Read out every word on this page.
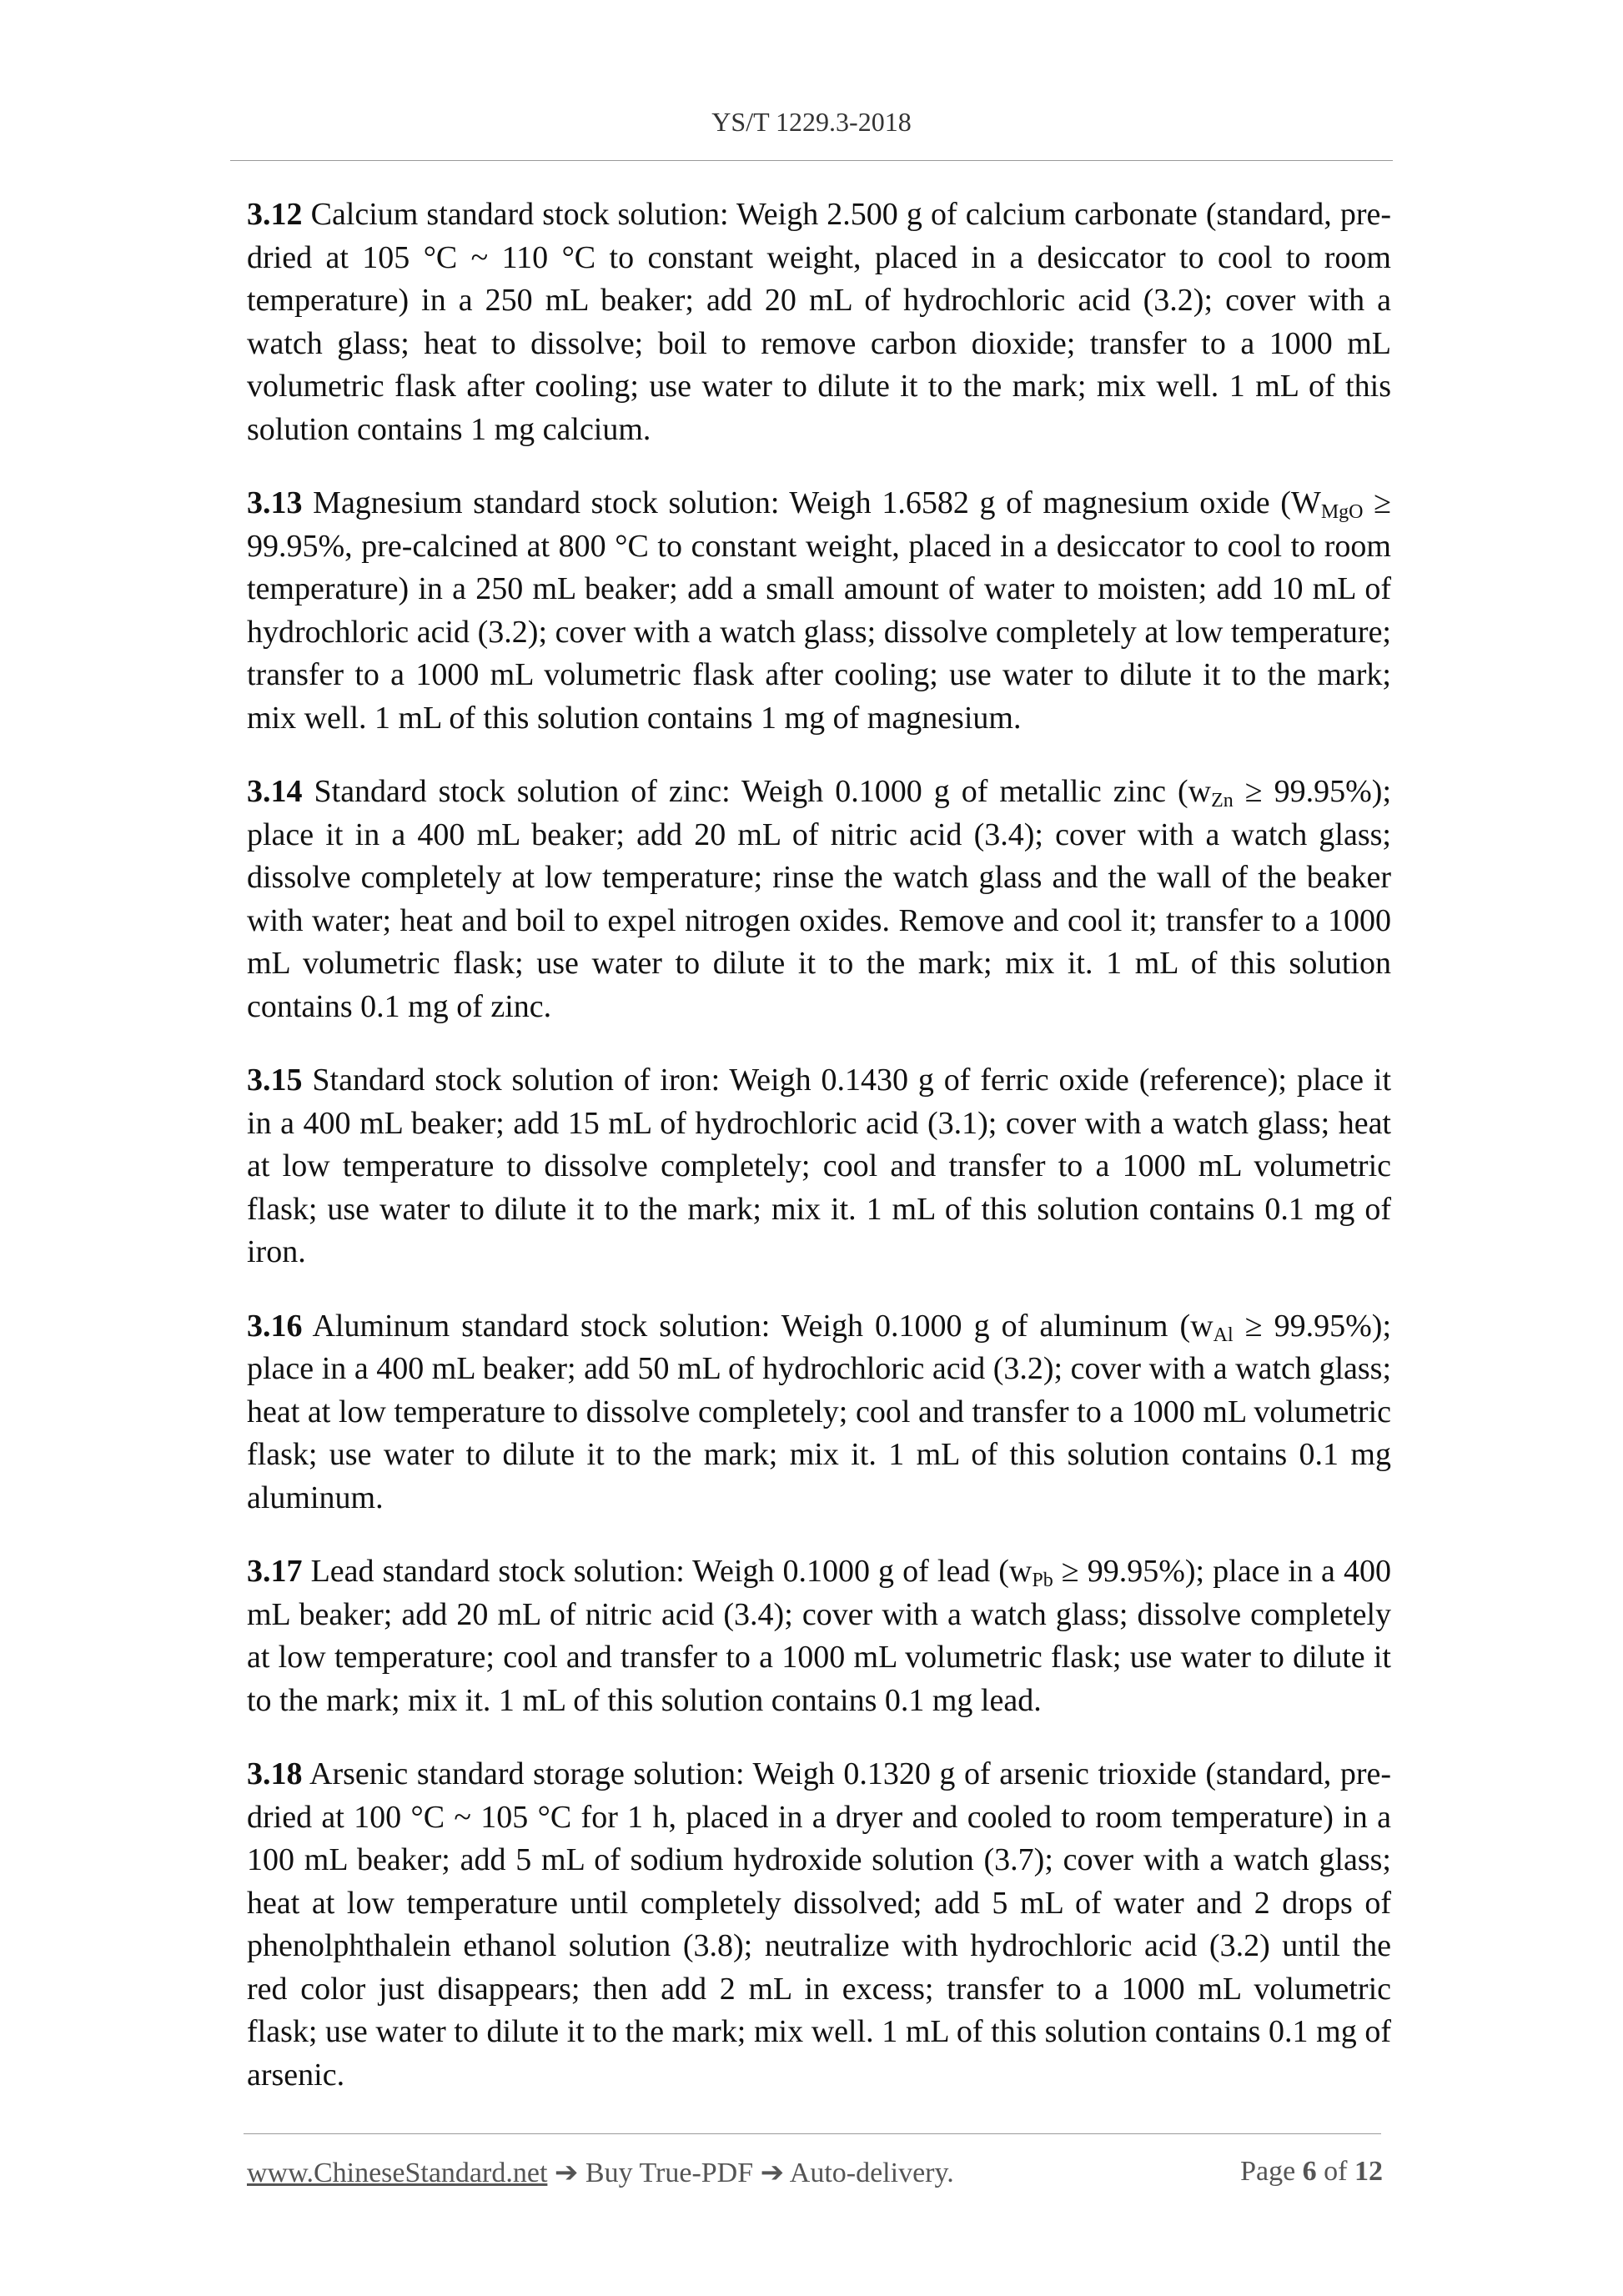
YS/T 1229.3-2018

3.12 Calcium standard stock solution: Weigh 2.500 g of calcium carbonate (standard, pre-dried at 105 °C ~ 110 °C to constant weight, placed in a desiccator to cool to room temperature) in a 250 mL beaker; add 20 mL of hydrochloric acid (3.2); cover with a watch glass; heat to dissolve; boil to remove carbon dioxide; transfer to a 1000 mL volumetric flask after cooling; use water to dilute it to the mark; mix well. 1 mL of this solution contains 1 mg calcium.

3.13 Magnesium standard stock solution: Weigh 1.6582 g of magnesium oxide ($W_{MgO} \ge 99.95\%$, pre-calcined at 800 °C to constant weight, placed in a desiccator to cool to room temperature) in a 250 mL beaker; add a small amount of water to moisten; add 10 mL of hydrochloric acid (3.2); cover with a watch glass; dissolve completely at low temperature; transfer to a 1000 mL volumetric flask after cooling; use water to dilute it to the mark; mix well. 1 mL of this solution contains 1 mg of magnesium.

3.14 Standard stock solution of zinc: Weigh 0.1000 g of metallic zinc $(w_{Zn} \ge 99.95\%)$; place it in a 400 mL beaker; add 20 mL of nitric acid (3.4); cover with a watch glass; dissolve completely at low temperature; rinse the watch glass and the wall of the beaker with water; heat and boil to expel nitrogen oxides. Remove and cool it; transfer to a 1000 mL volumetric flask; use water to dilute it to the mark; mix it. 1 mL of this solution contains 0.1 mg of zinc.

3.15 Standard stock solution of iron: Weigh 0.1430 g of ferric oxide (reference); place it in a 400 mL beaker; add 15 mL of hydrochloric acid (3.1); cover with a watch glass; heat at low temperature to dissolve completely; cool and transfer to a 1000 mL volumetric flask; use water to dilute it to the mark; mix it. 1 mL of this solution contains 0.1 mg of iron.

3.16 Aluminum standard stock solution: Weigh 0.1000 g of aluminum $(w_{Al} \ge 99.95\%)$; place in a 400 mL beaker; add 50 mL of hydrochloric acid (3.2); cover with a watch glass; heat at low temperature to dissolve completely; cool and transfer to a 1000 mL volumetric flask; use water to dilute it to the mark; mix it. 1 mL of this solution contains 0.1 mg aluminum.

3.17 Lead standard stock solution: Weigh 0.1000 g of lead $(w_{Pb} \ge 99.95\%)$; place in a 400 mL beaker; add 20 mL of nitric acid (3.4); cover with a watch glass; dissolve completely at low temperature; cool and transfer to a 1000 mL volumetric flask; use water to dilute it to the mark; mix it. 1 mL of this solution contains 0.1 mg lead.

3.18 Arsenic standard storage solution: Weigh 0.1320 g of arsenic trioxide (standard, pre-dried at 100 °C ~ 105 °C for 1 h, placed in a dryer and cooled to room temperature) in a 100 mL beaker; add 5 mL of sodium hydroxide solution (3.7); cover with a watch glass; heat at low temperature until completely dissolved; add 5 mL of water and 2 drops of phenolphthalein ethanol solution (3.8); neutralize with hydrochloric acid (3.2) until the red color just disappears; then add 2 mL in excess; transfer to a 1000 mL volumetric flask; use water to dilute it to the mark; mix well. 1 mL of this solution contains 0.1 mg of arsenic.

www.ChineseStandard.net ➔ Buy True-PDF ➔ Auto-delivery.	Page 6 of 12
